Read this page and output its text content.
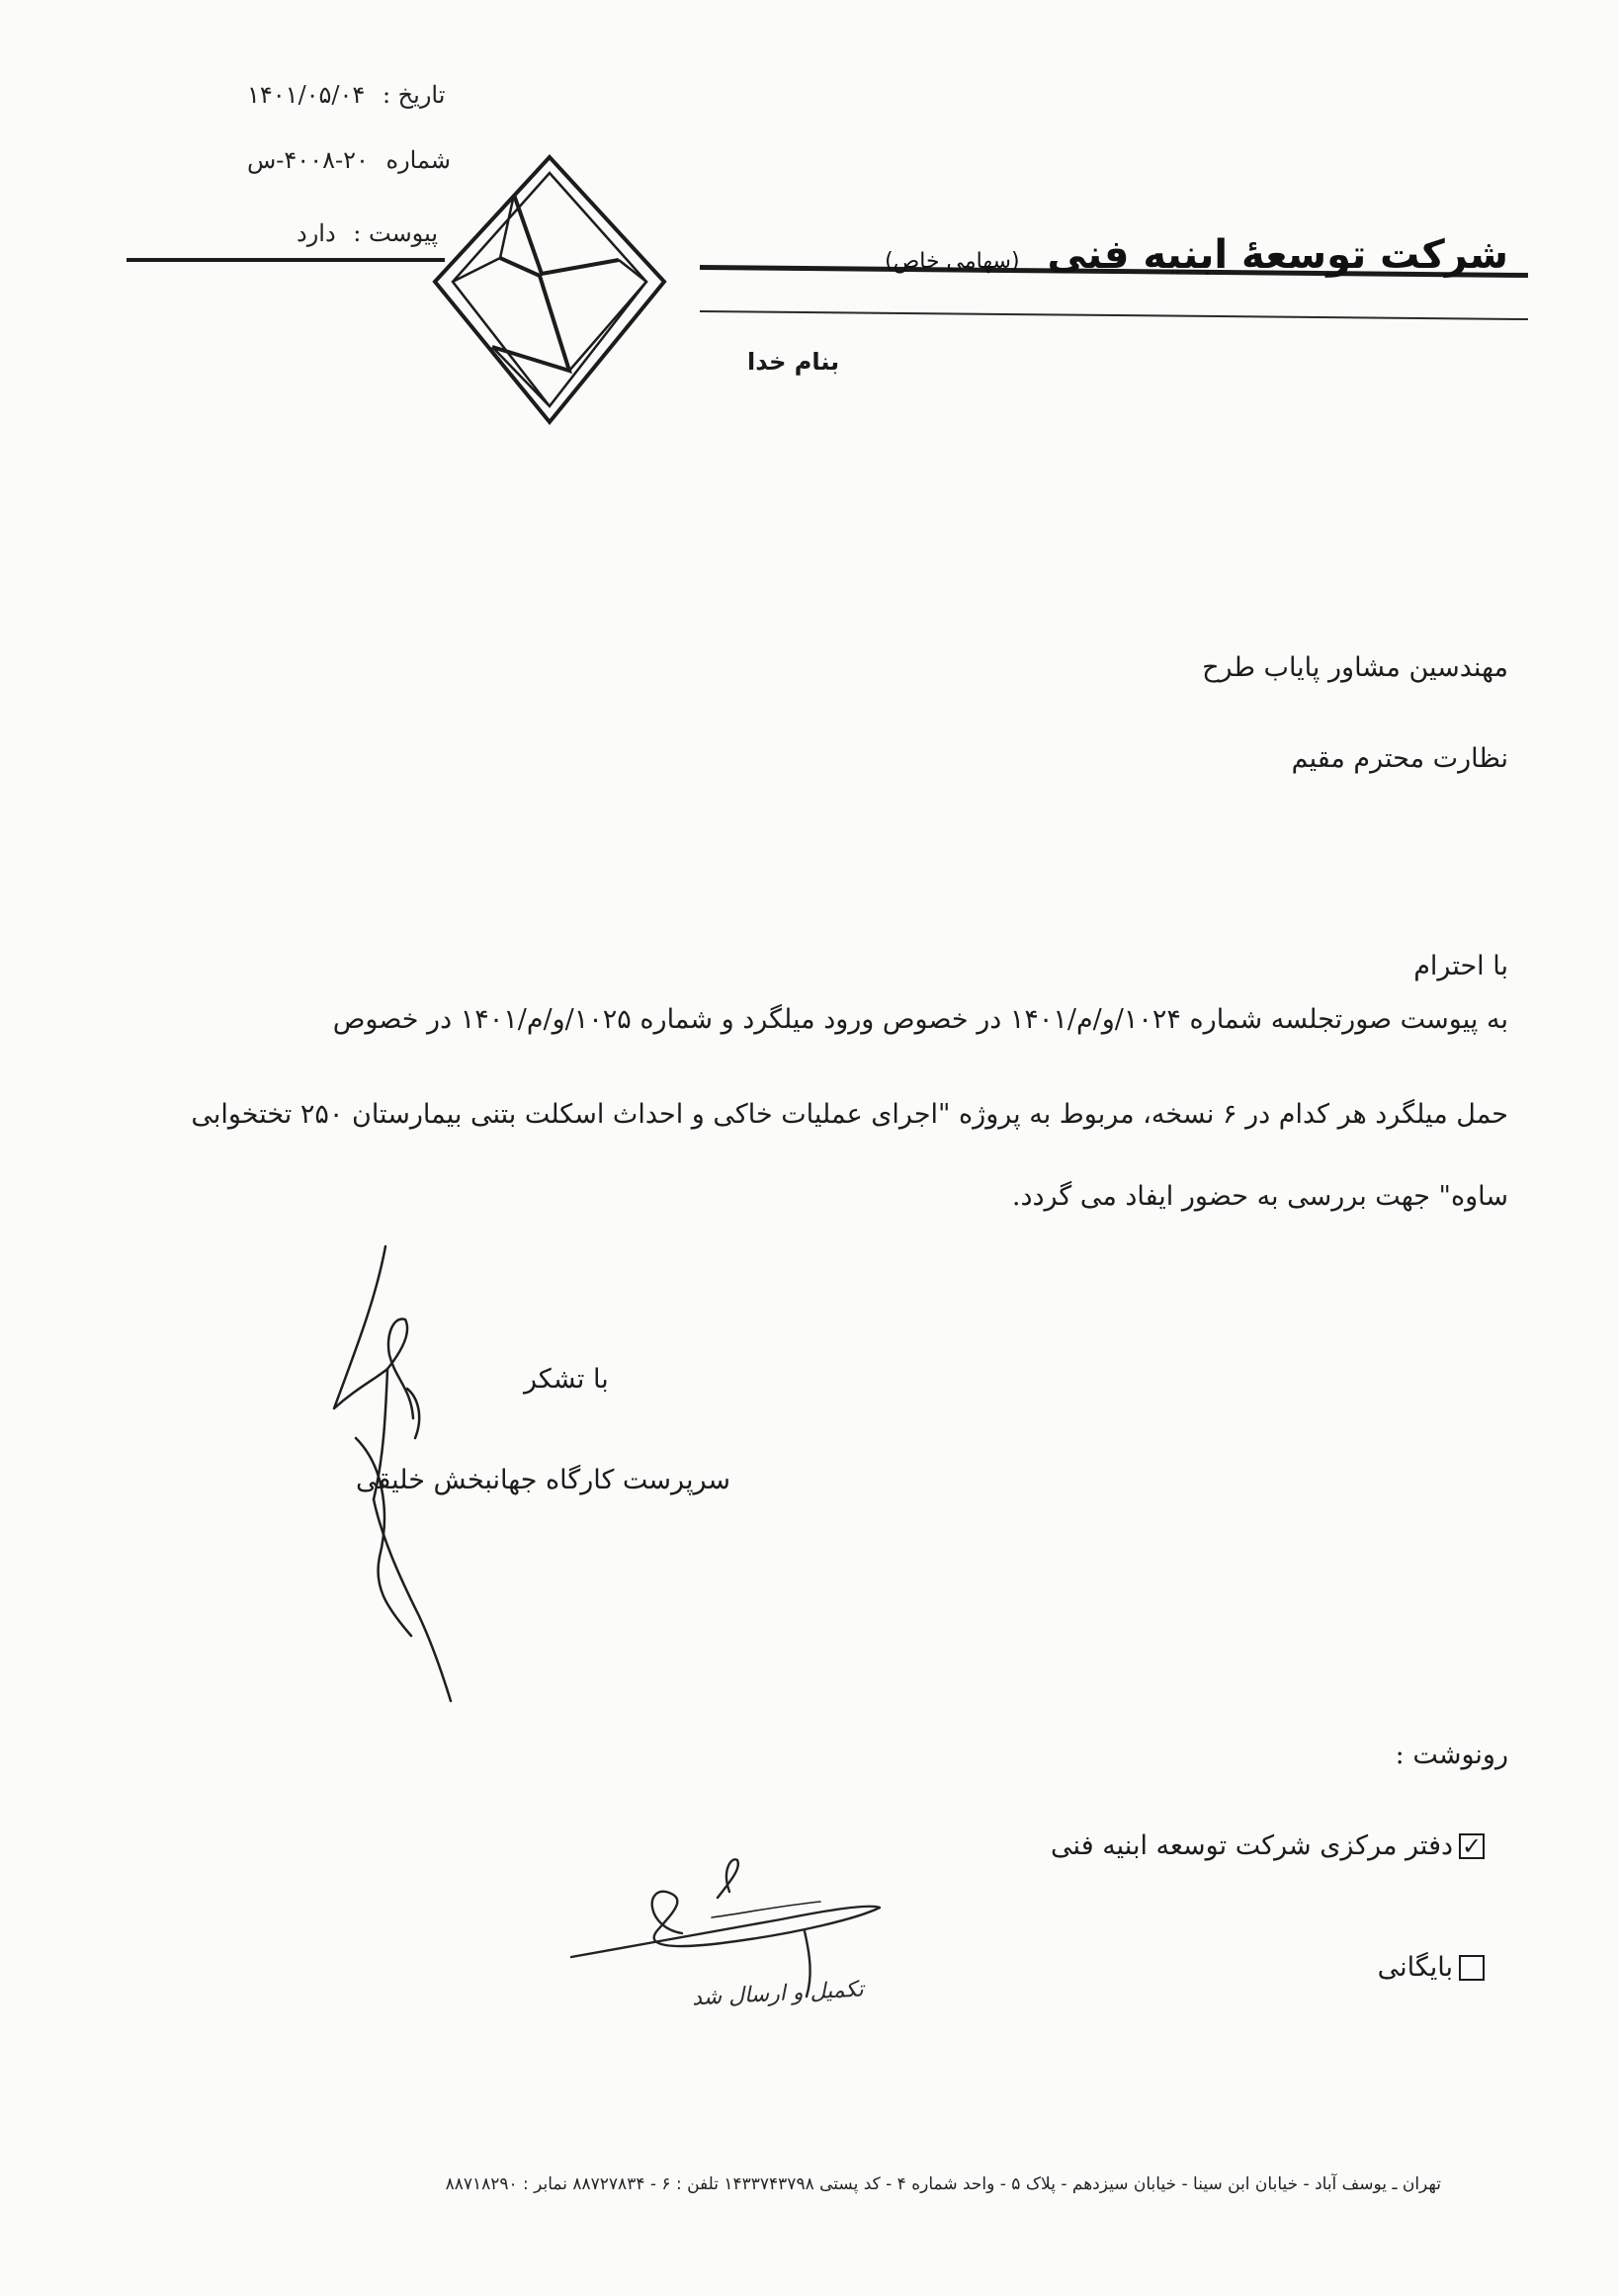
تاریخ : ۱۴۰۱/۰۵/۰۴
شماره ۲۰-۴۰۰۸-س
پیوست : دارد	شرکت توسعهٔ ابنیه فنی (سهامی خاص)
بنام خدا
مهندسین مشاور پایاب طرح
نظارت محترم مقیم
با احترام
به پیوست صورتجلسه شماره ۱۰۲۴/و/م/۱۴۰۱ در خصوص ورود میلگرد و شماره ۱۰۲۵/و/م/۱۴۰۱ در خصوص
حمل میلگرد هر کدام در ۶ نسخه، مربوط به پروژه "اجرای عملیات خاکی و احداث اسکلت بتنی بیمارستان ۲۵۰ تختخوابی
ساوه" جهت بررسی به حضور ایفاد می گردد.
با تشکر
سرپرست کارگاه جهانبخش خلیقی
رونوشت :
✓
دفتر مرکزی شرکت توسعه ابنیه فنی
بایگانی
تکمیل و ارسال شد
تهران ـ یوسف آباد - خیابان ابن سینا - خیابان سیزدهم - پلاک ۵ - واحد شماره ۴ - کد پستی ۱۴۳۳۷۴۳۷۹۸ تلفن : ۶ - ۸۸۷۲۷۸۳۴ نمابر : ۸۸۷۱۸۲۹۰
